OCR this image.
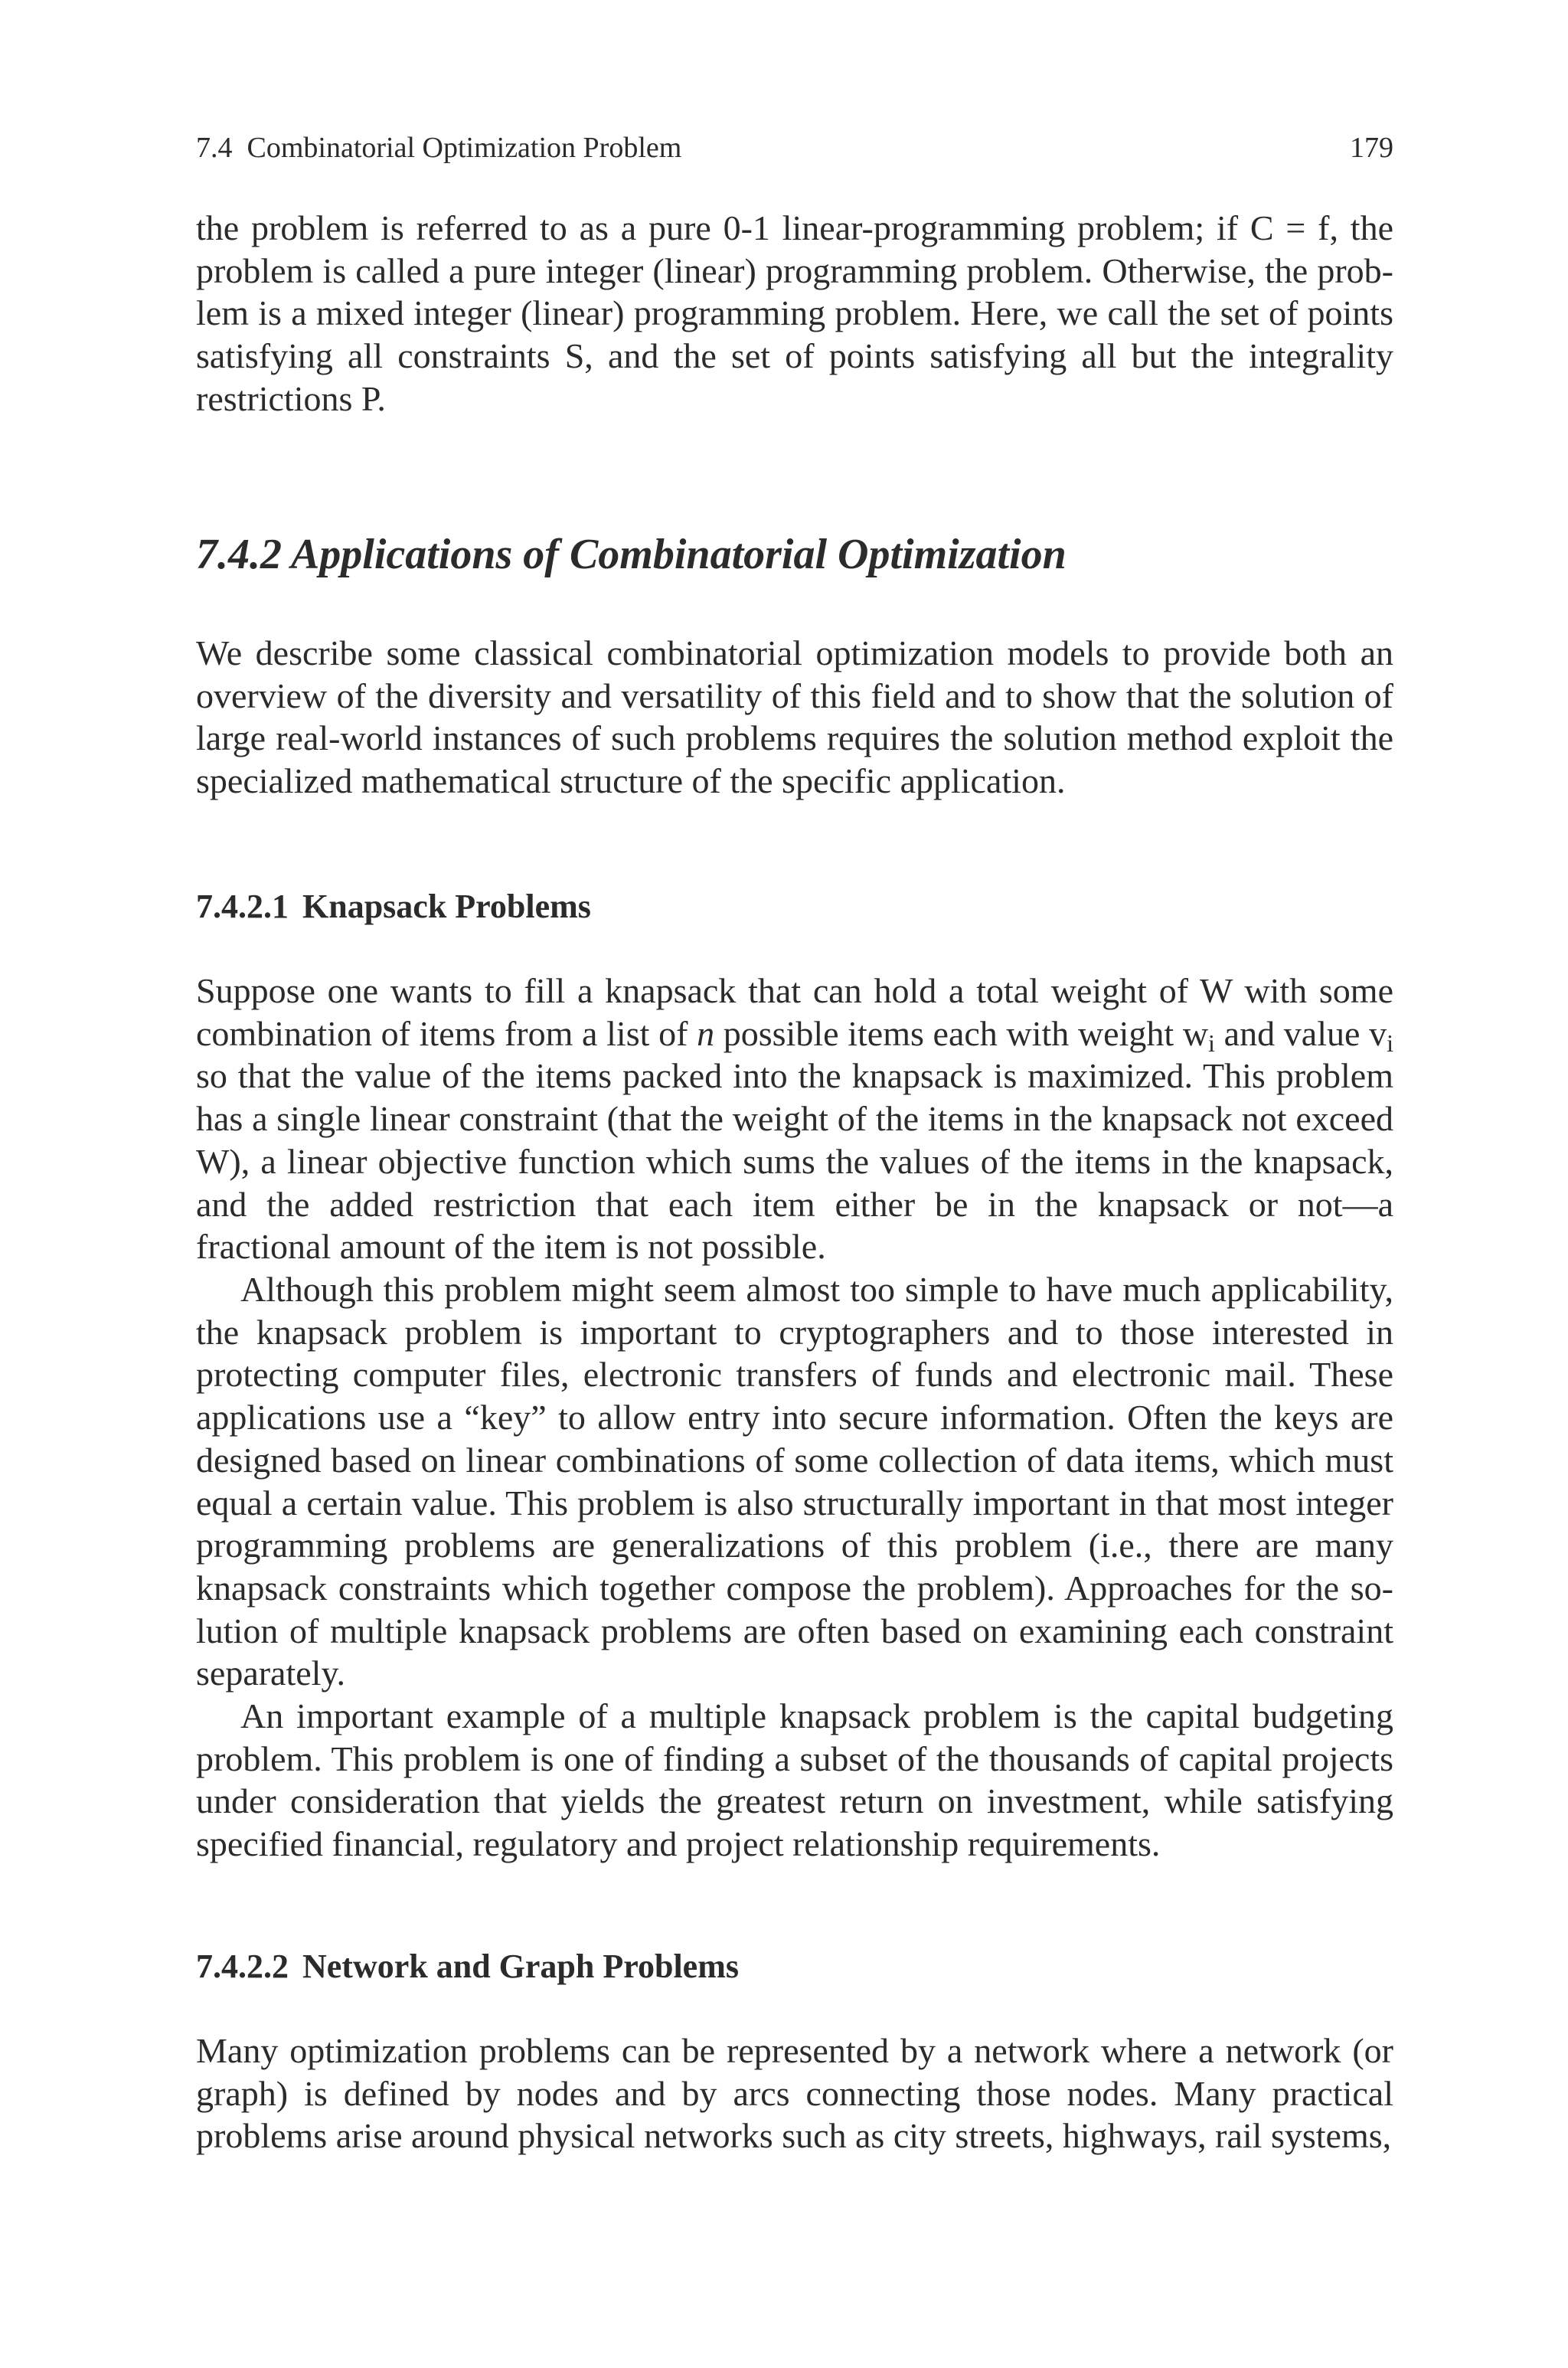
7.4  Combinatorial Optimization Problem	179

the problem is referred to as a pure 0-1 linear-programming problem; if C = f, the problem is called a pure integer (linear) programming problem. Otherwise, the problem is a mixed integer (linear) programming problem. Here, we call the set of points satisfying all constraints S, and the set of points satisfying all but the integrality restrictions P.

7.4.2 Applications of Combinatorial Optimization

We describe some classical combinatorial optimization models to provide both an overview of the diversity and versatility of this field and to show that the solution of large real-world instances of such problems requires the solution method exploit the specialized mathematical structure of the specific application.

7.4.2.1 Knapsack Problems

Suppose one wants to fill a knapsack that can hold a total weight of W with some combination of items from a list of n possible items each with weight $w_i$ and value $v_i$ so that the value of the items packed into the knapsack is maximized. This problem has a single linear constraint (that the weight of the items in the knapsack not exceed W), a linear objective function which sums the values of the items in the knapsack, and the added restriction that each item either be in the knapsack or not—a fractional amount of the item is not possible.

Although this problem might seem almost too simple to have much applicability, the knapsack problem is important to cryptographers and to those interested in protecting computer files, electronic transfers of funds and electronic mail. These applications use a “key” to allow entry into secure information. Often the keys are designed based on linear combinations of some collection of data items, which must equal a certain value. This problem is also structurally important in that most integer programming problems are generalizations of this problem (i.e., there are many knapsack constraints which together compose the problem). Approaches for the solution of multiple knapsack problems are often based on examining each constraint separately.

An important example of a multiple knapsack problem is the capital budgeting problem. This problem is one of finding a subset of the thousands of capital projects under consideration that yields the greatest return on investment, while satisfying specified financial, regulatory and project relationship requirements.

7.4.2.2 Network and Graph Problems

Many optimization problems can be represented by a network where a network (or graph) is defined by nodes and by arcs connecting those nodes. Many practical problems arise around physical networks such as city streets, highways, rail systems,
